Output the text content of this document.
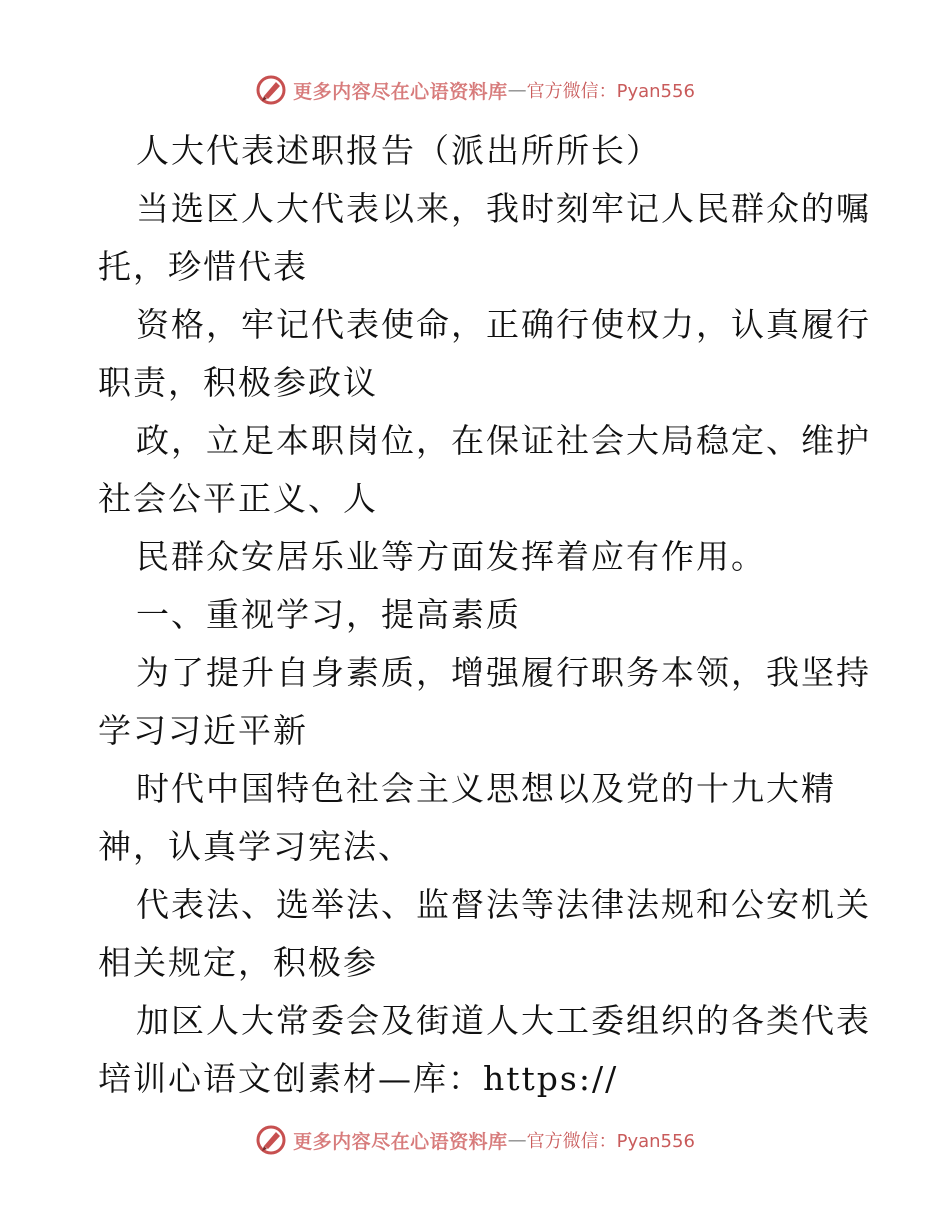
更多内容尽在心语资料库 — 官方微信：Pyan556
人大代表述职报告（派出所所长）
当选区人大代表以来，我时刻牢记人民群众的嘱
托，珍惜代表
资格，牢记代表使命，正确行使权力，认真履行
职责，积极参政议
政，立足本职岗位，在保证社会大局稳定、维护
社会公平正义、人
民群众安居乐业等方面发挥着应有作用。
一、重视学习，提高素质
为了提升自身素质，增强履行职务本领，我坚持
学习习近平新
时代中国特色社会主义思想以及党的十九大精
神，认真学习宪法、
代表法、选举法、监督法等法律法规和公安机关
相关规定，积极参
加区人大常委会及街道人大工委组织的各类代表
培训心语文创素材—库：https://
更多内容尽在心语资料库 — 官方微信：Pyan556
